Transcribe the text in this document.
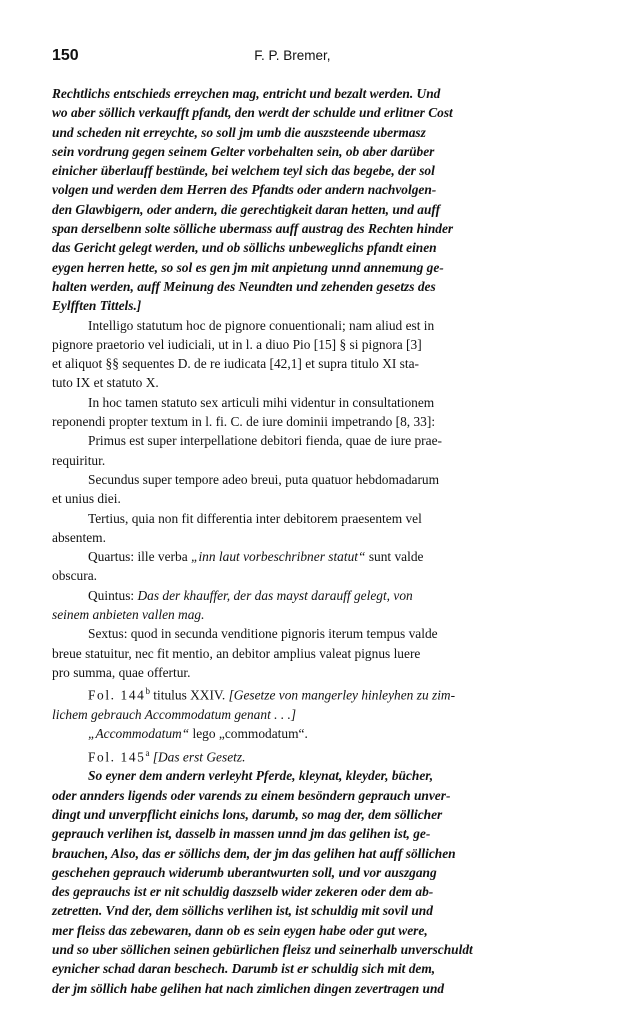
150	F. P. Bremer,

Rechtlichs entschieds erreychen mag, entricht und bezalt werden. Und
wo aber söllich verkaufft pfandt, den werdt der schulde und erlitner Cost
und scheden nit erreychte, so soll jm umb die auszsteende ubermasz
sein vordrung gegen seinem Gelter vorbehalten sein, ob aber darüber
einicher überlauff bestünde, bei welchem teyl sich das begebe, der sol
volgen und werden dem Herren des Pfandts oder andern nachvolgen-
den Glawbigern, oder andern, die gerechtigkeit daran hetten, und auff
span derselbenn solte sölliche ubermass auff austrag des Rechten hinder
das Gericht gelegt werden, und ob söllichs unbeweglichs pfandt einen
eygen herren hette, so sol es gen jm mit anpietung unnd annemung ge-
halten werden, auff Meinung des Neundten und zehenden gesetzs des
Eylfften Tittels.]

Intelligo statutum hoc de pignore conuentionali; nam aliud est in
pignore praetorio vel iudiciali, ut in l. a diuo Pio [15] § si pignora [3]
et aliquot §§ sequentes D. de re iudicata [42,1] et supra titulo XI sta-
tuto IX et statuto X.

In hoc tamen statuto sex articuli mihi videntur in consultationem
reponendi propter textum in l. fi. C. de iure dominii impetrando [8, 33]:

Primus est super interpellatione debitori fienda, quae de iure prae-
requiritur.

Secundus super tempore adeo breui, puta quatuor hebdomadarum
et unius diei.

Tertius, quia non fit differentia inter debitorem praesentem vel
absentem.

Quartus: ille verba „inn laut vorbeschribner statut“ sunt valde
obscura.

Quintus: Das der khauffer, der das mayst darauff gelegt, von
seinem anbieten vallen mag.

Sextus: quod in secunda venditione pignoris iterum tempus valde
breue statuitur, nec fit mentio, an debitor amplius valeat pignus luere
pro summa, quae offertur.

Fol. 144$^b$ titulus XXIV. [Gesetze von mangerley hinleyhen zu zim-
lichem gebrauch Accommodatum genant . . .]

„Accommodatum“ lego „commodatum“.

Fol. 145$^a$ [Das erst Gesetz.

So eyner dem andern verleyht Pferde, kleynat, kleyder, bücher,
oder annders ligends oder varends zu einem besöndern geprauch unver-
dingt und unverpflicht einichs lons, darumb, so mag der, dem söllicher
geprauch verlihen ist, dasselb in massen unnd jm das gelihen ist, ge-
brauchen, Also, das er söllichs dem, der jm das gelihen hat auff söllichen
geschehen geprauch widerumb uberantwurten soll, und vor auszgang
des geprauchs ist er nit schuldig daszselb wider zekeren oder dem ab-
zetretten. Vnd der, dem söllichs verlihen ist, ist schuldig mit sovil und
mer fleiss das zebewaren, dann ob es sein eygen habe oder gut were,
und so uber söllichen seinen gebürlichen fleisz und seinerhalb unverschuldt
eynicher schad daran beschech. Darumb ist er schuldig sich mit dem,
der jm söllich habe gelihen hat nach zimlichen dingen zevertragen und
